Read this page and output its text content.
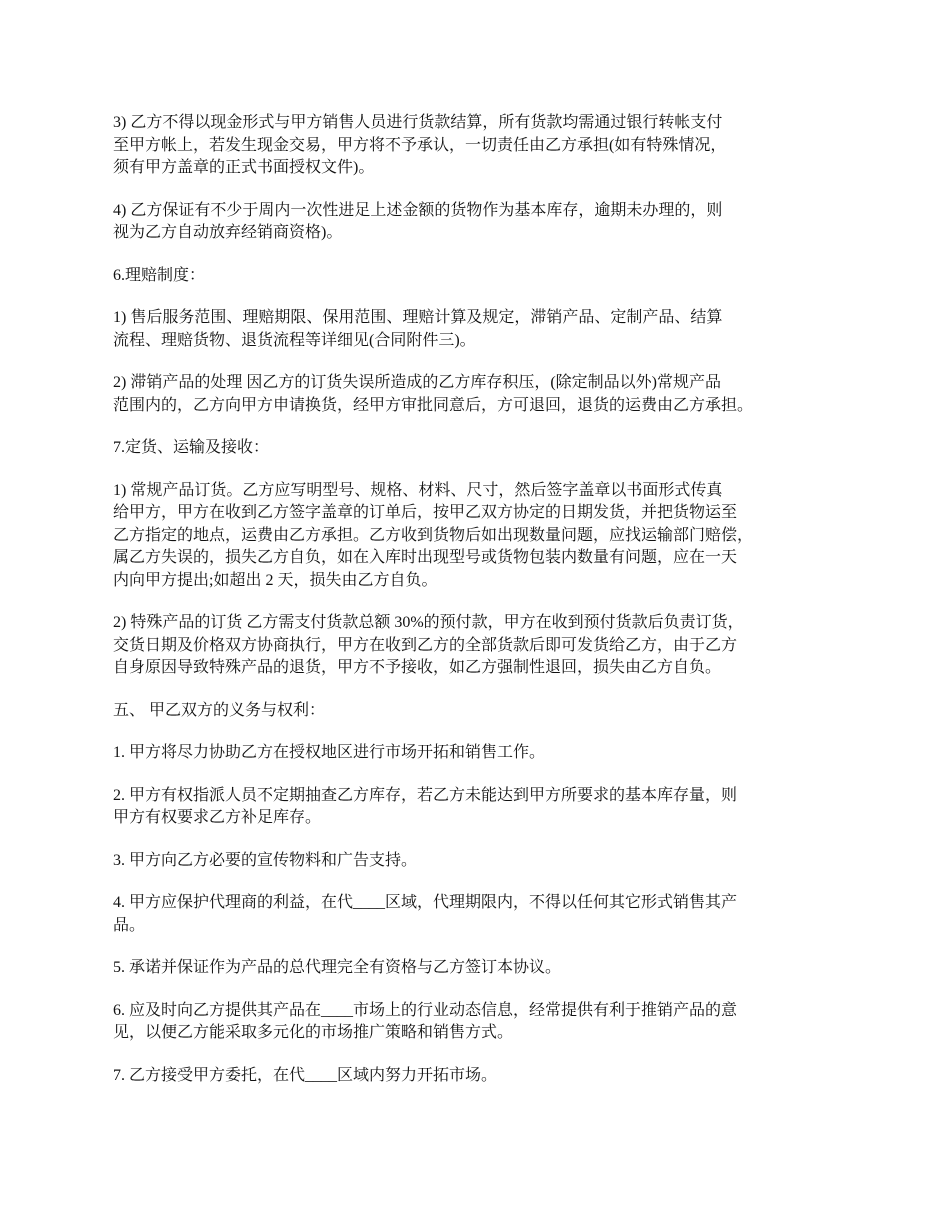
3) 乙方不得以现金形式与甲方销售人员进行货款结算，所有货款均需通过银行转帐支付
至甲方帐上，若发生现金交易，甲方将不予承认，一切责任由乙方承担(如有特殊情况，
须有甲方盖章的正式书面授权文件)。

4) 乙方保证有不少于周内一次性进足上述金额的货物作为基本库存，逾期未办理的，则
视为乙方自动放弃经销商资格)。

6.理赔制度：

1) 售后服务范围、理赔期限、保用范围、理赔计算及规定，滞销产品、定制产品、结算
流程、理赔货物、退货流程等详细见(合同附件三)。

2) 滞销产品的处理 因乙方的订货失误所造成的乙方库存积压，(除定制品以外)常规产品
范围内的，乙方向甲方申请换货，经甲方审批同意后，方可退回，退货的运费由乙方承担。

7.定货、运输及接收：

1) 常规产品订货。乙方应写明型号、规格、材料、尺寸，然后签字盖章以书面形式传真
给甲方，甲方在收到乙方签字盖章的订单后，按甲乙双方协定的日期发货，并把货物运至
乙方指定的地点，运费由乙方承担。乙方收到货物后如出现数量问题，应找运输部门赔偿，
属乙方失误的，损失乙方自负，如在入库时出现型号或货物包装内数量有问题，应在一天
内向甲方提出;如超出 2 天，损失由乙方自负。

2) 特殊产品的订货 乙方需支付货款总额 30%的预付款，甲方在收到预付货款后负责订货，
交货日期及价格双方协商执行，甲方在收到乙方的全部货款后即可发货给乙方，由于乙方
自身原因导致特殊产品的退货，甲方不予接收，如乙方强制性退回，损失由乙方自负。

五、 甲乙双方的义务与权利：

1. 甲方将尽力协助乙方在授权地区进行市场开拓和销售工作。

2. 甲方有权指派人员不定期抽查乙方库存，若乙方未能达到甲方所要求的基本库存量，则
甲方有权要求乙方补足库存。

3. 甲方向乙方必要的宣传物料和广告支持。

4. 甲方应保护代理商的利益，在代____区域，代理期限内，不得以任何其它形式销售其产
品。

5. 承诺并保证作为产品的总代理完全有资格与乙方签订本协议。

6. 应及时向乙方提供其产品在____市场上的行业动态信息，经常提供有利于推销产品的意
见，以便乙方能采取多元化的市场推广策略和销售方式。

7. 乙方接受甲方委托，在代____区域内努力开拓市场。
